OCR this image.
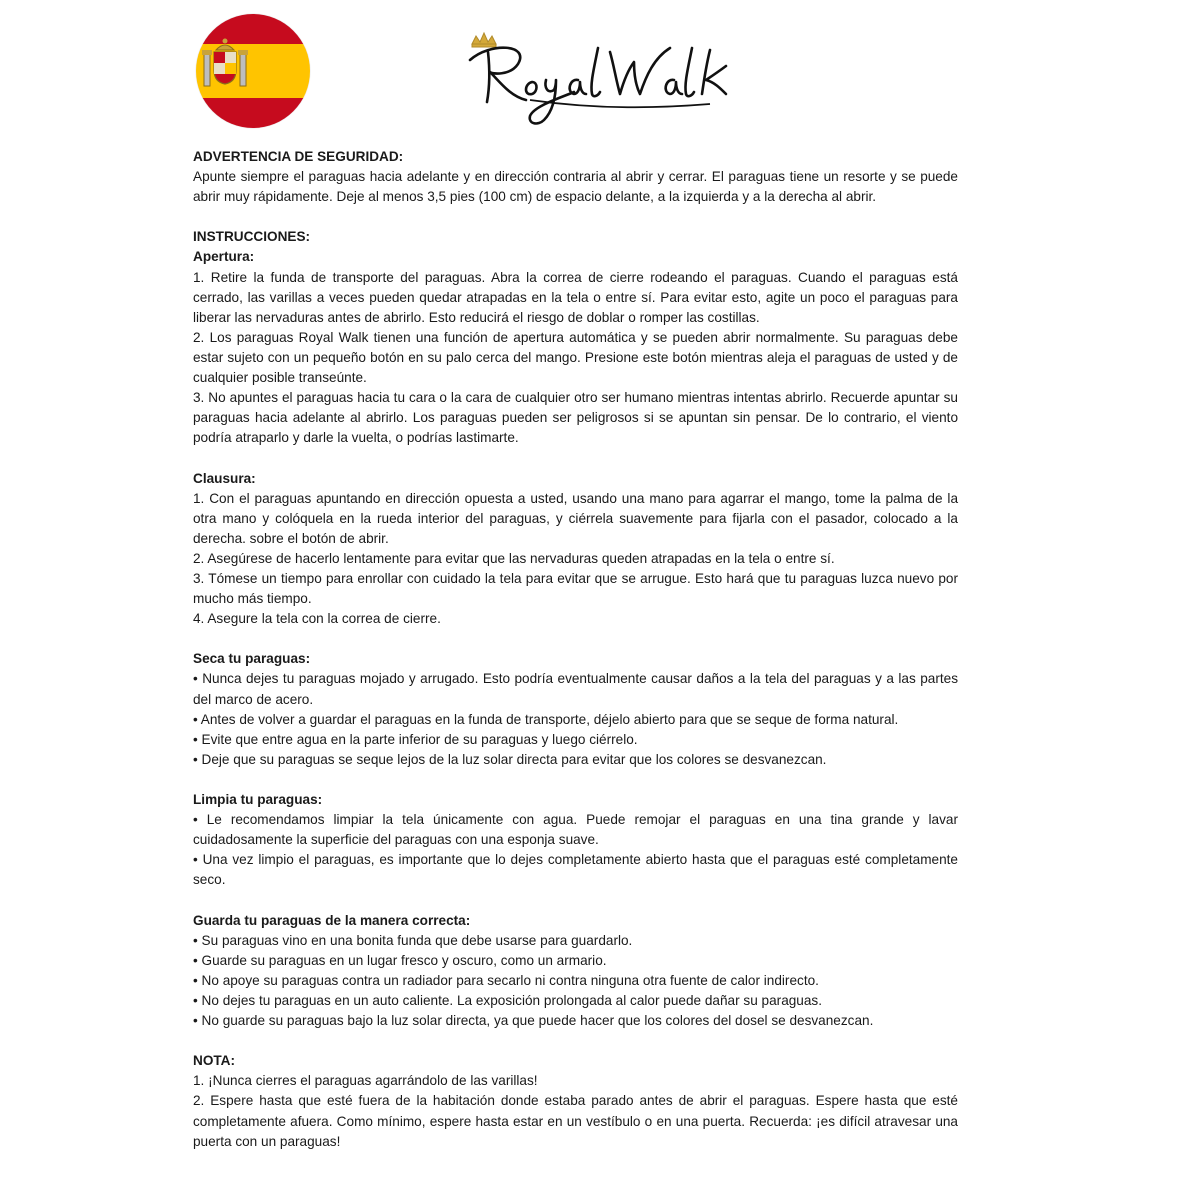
ADVERTENCIA DE SEGURIDAD:

Apunte siempre el paraguas hacia adelante y en dirección contraria al abrir y cerrar. El paraguas tiene un resorte y se puede abrir muy rápidamente. Deje al menos 3,5 pies (100 cm) de espacio delante, a la izquierda y a la derecha al abrir.

INSTRUCCIONES:

Apertura:

1. Retire la funda de transporte del paraguas. Abra la correa de cierre rodeando el paraguas. Cuando el paraguas está cerrado, las varillas a veces pueden quedar atrapadas en la tela o entre sí. Para evitar esto, agite un poco el paraguas para liberar las nervaduras antes de abrirlo. Esto reducirá el riesgo de doblar o romper las costillas.

2. Los paraguas Royal Walk tienen una función de apertura automática y se pueden abrir normalmente. Su paraguas debe estar sujeto con un pequeño botón en su palo cerca del mango. Presione este botón mientras aleja el paraguas de usted y de cualquier posible transeúnte.

3. No apuntes el paraguas hacia tu cara o la cara de cualquier otro ser humano mientras intentas abrirlo. Recuerde apuntar su paraguas hacia adelante al abrirlo. Los paraguas pueden ser peligrosos si se apuntan sin pensar. De lo contrario, el viento podría atraparlo y darle la vuelta, o podrías lastimarte.

Clausura:

1. Con el paraguas apuntando en dirección opuesta a usted, usando una mano para agarrar el mango, tome la palma de la otra mano y colóquela en la rueda interior del paraguas, y ciérrela suavemente para fijarla con el pasador, colocado a la derecha. sobre el botón de abrir.

2. Asegúrese de hacerlo lentamente para evitar que las nervaduras queden atrapadas en la tela o entre sí.

3. Tómese un tiempo para enrollar con cuidado la tela para evitar que se arrugue. Esto hará que tu paraguas luzca nuevo por mucho más tiempo.

4. Asegure la tela con la correa de cierre.

Seca tu paraguas:

• Nunca dejes tu paraguas mojado y arrugado. Esto podría eventualmente causar daños a la tela del paraguas y a las partes del marco de acero.

• Antes de volver a guardar el paraguas en la funda de transporte, déjelo abierto para que se seque de forma natural.

• Evite que entre agua en la parte inferior de su paraguas y luego ciérrelo.

• Deje que su paraguas se seque lejos de la luz solar directa para evitar que los colores se desvanezcan.

Limpia tu paraguas:

• Le recomendamos limpiar la tela únicamente con agua. Puede remojar el paraguas en una tina grande y lavar cuidadosamente la superficie del paraguas con una esponja suave.

• Una vez limpio el paraguas, es importante que lo dejes completamente abierto hasta que el paraguas esté completamente seco.

Guarda tu paraguas de la manera correcta:

• Su paraguas vino en una bonita funda que debe usarse para guardarlo.

• Guarde su paraguas en un lugar fresco y oscuro, como un armario.

• No apoye su paraguas contra un radiador para secarlo ni contra ninguna otra fuente de calor indirecto.

• No dejes tu paraguas en un auto caliente. La exposición prolongada al calor puede dañar su paraguas.

• No guarde su paraguas bajo la luz solar directa, ya que puede hacer que los colores del dosel se desvanezcan.

NOTA:

1. ¡Nunca cierres el paraguas agarrándolo de las varillas!

2. Espere hasta que esté fuera de la habitación donde estaba parado antes de abrir el paraguas. Espere hasta que esté completamente afuera. Como mínimo, espere hasta estar en un vestíbulo o en una puerta. Recuerda: ¡es difícil atravesar una puerta con un paraguas!
